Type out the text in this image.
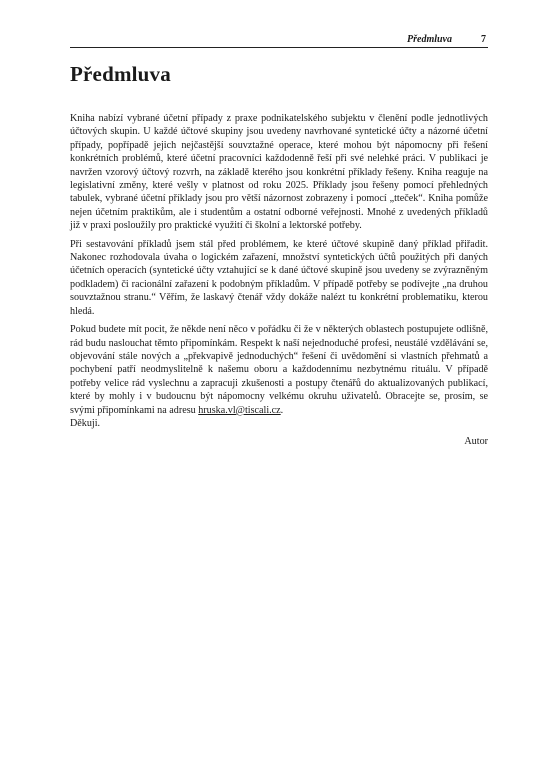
Předmluva	7
Předmluva

Kniha nabízí vybrané účetní případy z praxe podnikatelského subjektu v členění podle jednotlivých účtových skupin. U každé účtové skupiny jsou uvedeny navrhované syntetické účty a názorné účetní případy, popřípadě jejich nejčastější souvztažné operace, které mohou být nápomocny při řešení konkrétních problémů, které účetní pracovníci každodenně řeší při své nelehké práci. V publikaci je navržen vzorový účtový rozvrh, na základě kterého jsou konkrétní příklady řešeny. Kniha reaguje na legislativní změny, které vešly v platnost od roku 2025. Příklady jsou řešeny pomocí přehledných tabulek, vybrané účetní příklady jsou pro větší názornost zobrazeny i pomocí „tteček“. Kniha pomůže nejen účetním praktikům, ale i studentům a ostatní odborné veřejnosti. Mnohé z uvedených příkladů již v praxi posloužily pro praktické využití či školní a lektorské potřeby.

Při sestavování příkladů jsem stál před problémem, ke které účtové skupině daný příklad přiřadit. Nakonec rozhodovala úvaha o logickém zařazení, množství syntetických účtů použitých při daných účetních operacích (syntetické účty vztahující se k dané účtové skupině jsou uvedeny se zvýrazněným podkladem) či racionální zařazení k podobným příkladům. V případě potřeby se podívejte „na druhou souvztažnou stranu.“ Věřím, že laskavý čtenář vždy dokáže nalézt tu konkrétní problematiku, kterou hledá.

Pokud budete mít pocit, že někde není něco v pořádku či že v některých oblastech postupujete odlišně, rád budu naslouchat těmto připomínkám. Respekt k naší nejednoduché profesi, neustálé vzdělávání se, objevování stále nových a „překvapivě jednoduchých“ řešení či uvědomění si vlastních přehmatů a pochybení patří neodmyslitelně k našemu oboru a každodennímu nezbytnému rituálu. V případě potřeby velice rád vyslechnu a zapracuji zkušenosti a postupy čtenářů do aktualizovaných publikací, které by mohly i v budoucnu být nápomocny velkému okruhu uživatelů. Obracejte se, prosím, se svými připomínkami na adresu hruska.vl@tiscali.cz.
Děkuji.

Autor
